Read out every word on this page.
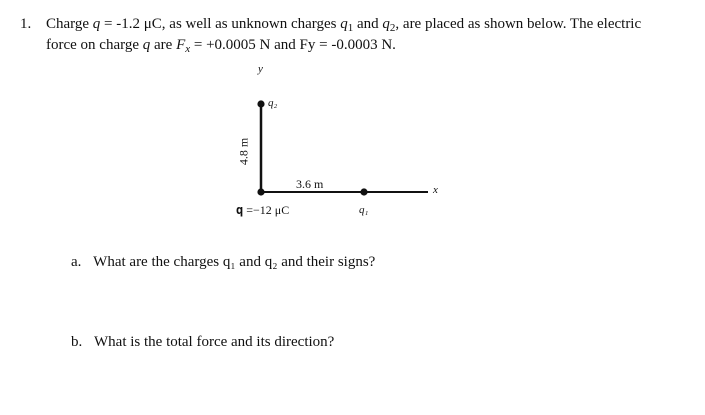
1. Charge q = -1.2 μC, as well as unknown charges $q_1$ and $q_2$, are placed as shown below. The electric
force on charge q are $F_x = +0.0005$ N and Fy = -0.0003 N.
y
x
q₂
4.8 m
3.6 m
q =−12 μC	q₁
a. What are the charges q₁ and q₂ and their signs?
b. What is the total force and its direction?
